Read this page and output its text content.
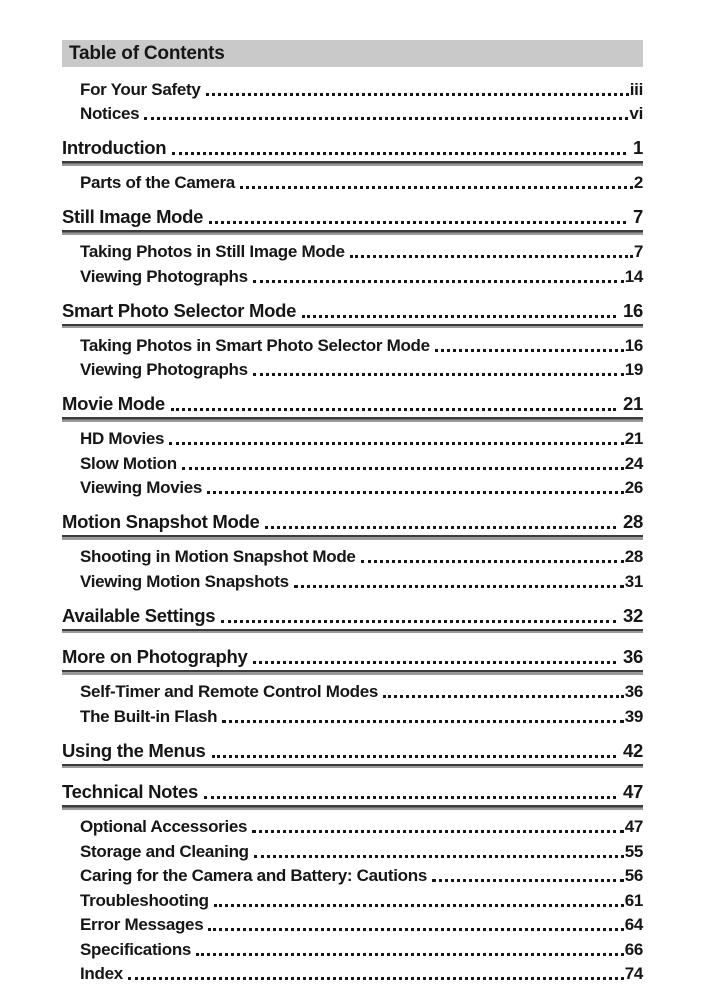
Table of Contents
For Your Safety	iii
Notices	vi
Introduction	1
Parts of the Camera	2
Still Image Mode	7
Taking Photos in Still Image Mode	7
Viewing Photographs	14
Smart Photo Selector Mode	16
Taking Photos in Smart Photo Selector Mode	16
Viewing Photographs	19
Movie Mode	21
HD Movies	21
Slow Motion	24
Viewing Movies	26
Motion Snapshot Mode	28
Shooting in Motion Snapshot Mode	28
Viewing Motion Snapshots	31
Available Settings	32
More on Photography	36
Self-Timer and Remote Control Modes	36
The Built-in Flash	39
Using the Menus	42
Technical Notes	47
Optional Accessories	47
Storage and Cleaning	55
Caring for the Camera and Battery: Cautions	56
Troubleshooting	61
Error Messages	64
Specifications	66
Index	74
